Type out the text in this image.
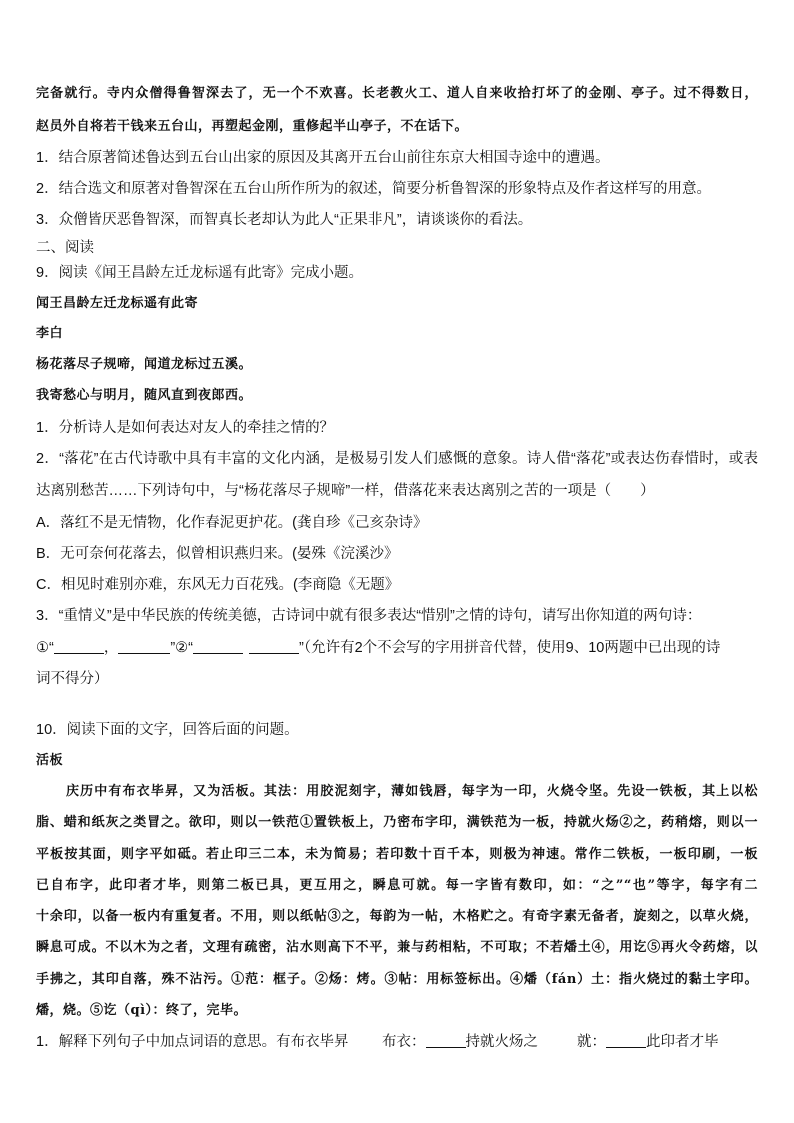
完备就行。寺内众僧得鲁智深去了，无一个不欢喜。长老教火工、道人自来收拾打坏了的金刚、亭子。过不得数日，
赵员外自将若干钱来五台山，再塑起金刚，重修起半山亭子，不在话下。
1．结合原著简述鲁达到五台山出家的原因及其离开五台山前往东京大相国寺途中的遭遇。
2．结合选文和原著对鲁智深在五台山所作所为的叙述，简要分析鲁智深的形象特点及作者这样写的用意。
3．众僧皆厌恶鲁智深，而智真长老却认为此人“正果非凡”，请谈谈你的看法。
二、阅读
9．阅读《闻王昌龄左迁龙标遥有此寄》完成小题。
闻王昌龄左迁龙标遥有此寄
李白
杨花落尽子规啼，闻道龙标过五溪。
我寄愁心与明月，随风直到夜郎西。
1．分析诗人是如何表达对友人的牵挂之情的？
2．“落花”在古代诗歌中具有丰富的文化内涵，是极易引发人们感慨的意象。诗人借“落花”或表达伤春惜时，或表
达离别愁苦……下列诗句中，与“杨花落尽子规啼”一样，借落花来表达离别之苦的一项是（　　）
A．落红不是无情物，化作春泥更护花。(龚自珍《己亥杂诗》
B．无可奈何花落去，似曾相识燕归来。(晏殊《浣溪沙》
C．相见时难别亦难，东风无力百花残。(李商隐《无题》
3．“重情义”是中华民族的传统美德，古诗词中就有很多表达“惜别”之情的诗句，请写出你知道的两句诗：
①“	，	”②“	”（允许有2个不会写的字用拼音代替，使用9、10两题中已出现的诗
词不得分）
10．阅读下面的文字，回答后面的问题。
活板
庆历中有布衣毕昇，又为活板。其法：用胶泥刻字，薄如钱唇，每字为一印，火烧令坚。先设一铁板，其上以松
脂、蜡和纸灰之类冒之。欲印，则以一铁范①置铁板上，乃密布字印，满铁范为一板，持就火炀②之，药稍熔，则以一
平板按其面，则字平如砥。若止印三二本，未为简易；若印数十百千本，则极为神速。常作二铁板，一板印刷，一板
已自布字，此印者才毕，则第二板已具，更互用之，瞬息可就。每一字皆有数印，如：“之”“也”等字，每字有二
十余印，以备一板内有重复者。不用，则以纸帖③之，每韵为一帖，木格贮之。有奇字素无备者，旋刻之，以草火烧，
瞬息可成。不以木为之者，文理有疏密，沾水则高下不平，兼与药相粘，不可取；不若燔土④，用讫⑤再火令药熔，以
手拂之，其印自落，殊不沾污。①范：框子。②炀：烤。③帖：用标签标出。④燔（fán）土：指火烧过的黏土字印。
燔，烧。⑤讫（qì）：终了，完毕。
1．解释下列句子中加点词语的意思。有布衣毕昇 布衣：	持就火炀之	就：	此印者才毕
